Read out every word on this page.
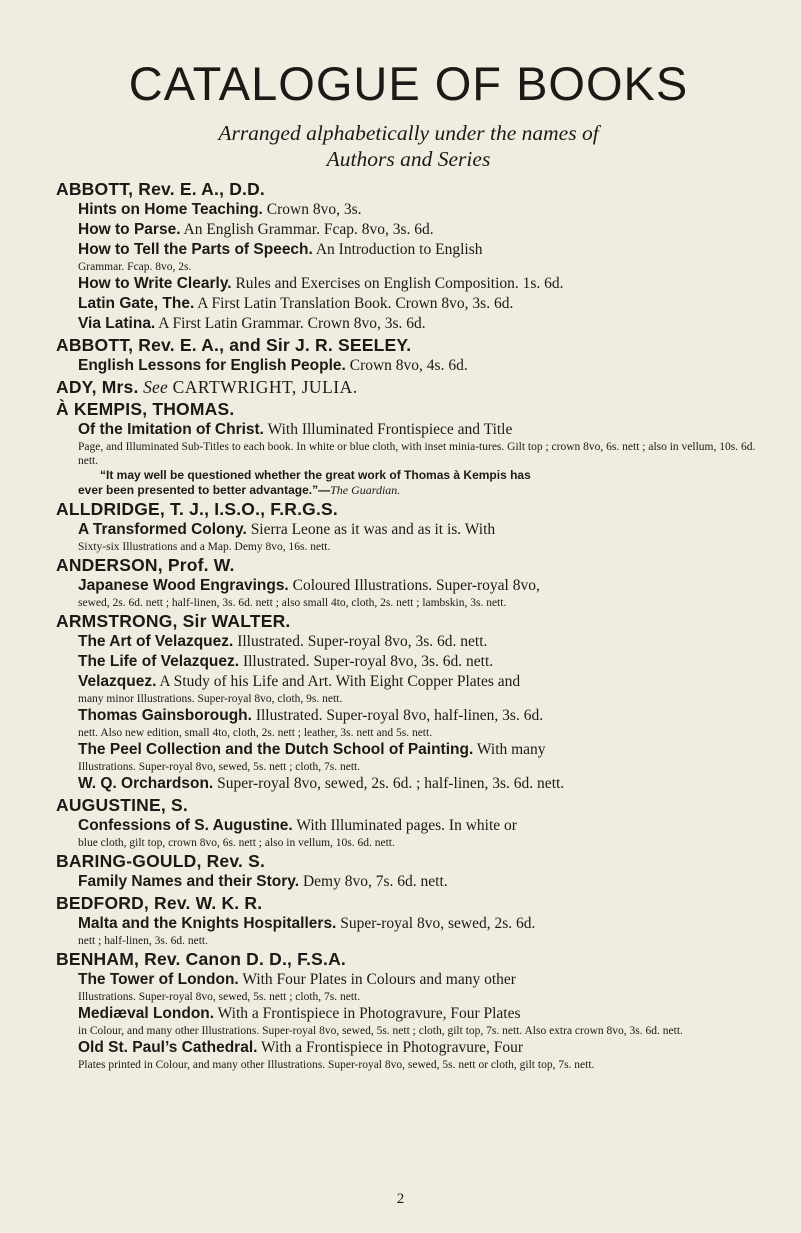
CATALOGUE OF BOOKS
Arranged alphabetically under the names of
Authors and Series
ABBOTT, Rev. E. A., D.D.
Hints on Home Teaching. Crown 8vo, 3s.
How to Parse. An English Grammar. Fcap. 8vo, 3s. 6d.
How to Tell the Parts of Speech. An Introduction to English
Grammar. Fcap. 8vo, 2s.
How to Write Clearly. Rules and Exercises on English Composition. 1s. 6d.
Latin Gate, The. A First Latin Translation Book. Crown 8vo, 3s. 6d.
Via Latina. A First Latin Grammar. Crown 8vo, 3s. 6d.
ABBOTT, Rev. E. A., and Sir J. R. SEELEY.
English Lessons for English People. Crown 8vo, 4s. 6d.
ADY, Mrs. See CARTWRIGHT, JULIA.
À KEMPIS, THOMAS.
Of the Imitation of Christ. With Illuminated Frontispiece and Title
Page, and Illuminated Sub-Titles to each book. In white or blue cloth, with inset minia-tures. Gilt top ; crown 8vo, 6s. nett ; also in vellum, 10s. 6d. nett.
“It may well be questioned whether the great work of Thomas à Kempis has
ever been presented to better advantage.”—The Guardian.
ALLDRIDGE, T. J., I.S.O., F.R.G.S.
A Transformed Colony. Sierra Leone as it was and as it is. With
Sixty-six Illustrations and a Map. Demy 8vo, 16s. nett.
ANDERSON, Prof. W.
Japanese Wood Engravings. Coloured Illustrations. Super-royal 8vo,
sewed, 2s. 6d. nett ; half-linen, 3s. 6d. nett ; also small 4to, cloth, 2s. nett ; lambskin, 3s. nett.
ARMSTRONG, Sir WALTER.
The Art of Velazquez. Illustrated. Super-royal 8vo, 3s. 6d. nett.
The Life of Velazquez. Illustrated. Super-royal 8vo, 3s. 6d. nett.
Velazquez. A Study of his Life and Art. With Eight Copper Plates and
many minor Illustrations. Super-royal 8vo, cloth, 9s. nett.
Thomas Gainsborough. Illustrated. Super-royal 8vo, half-linen, 3s. 6d.
nett. Also new edition, small 4to, cloth, 2s. nett ; leather, 3s. nett and 5s. nett.
The Peel Collection and the Dutch School of Painting. With many
Illustrations. Super-royal 8vo, sewed, 5s. nett ; cloth, 7s. nett.
W. Q. Orchardson. Super-royal 8vo, sewed, 2s. 6d. ; half-linen, 3s. 6d. nett.
AUGUSTINE, S.
Confessions of S. Augustine. With Illuminated pages. In white or
blue cloth, gilt top, crown 8vo, 6s. nett ; also in vellum, 10s. 6d. nett.
BARING-GOULD, Rev. S.
Family Names and their Story. Demy 8vo, 7s. 6d. nett.
BEDFORD, Rev. W. K. R.
Malta and the Knights Hospitallers. Super-royal 8vo, sewed, 2s. 6d.
nett ; half-linen, 3s. 6d. nett.
BENHAM, Rev. Canon D. D., F.S.A.
The Tower of London. With Four Plates in Colours and many other
Illustrations. Super-royal 8vo, sewed, 5s. nett ; cloth, 7s. nett.
Mediæval London. With a Frontispiece in Photogravure, Four Plates
in Colour, and many other Illustrations. Super-royal 8vo, sewed, 5s. nett ; cloth, gilt top, 7s. nett. Also extra crown 8vo, 3s. 6d. nett.
Old St. Paul’s Cathedral. With a Frontispiece in Photogravure, Four
Plates printed in Colour, and many other Illustrations. Super-royal 8vo, sewed, 5s. nett or cloth, gilt top, 7s. nett.
2
